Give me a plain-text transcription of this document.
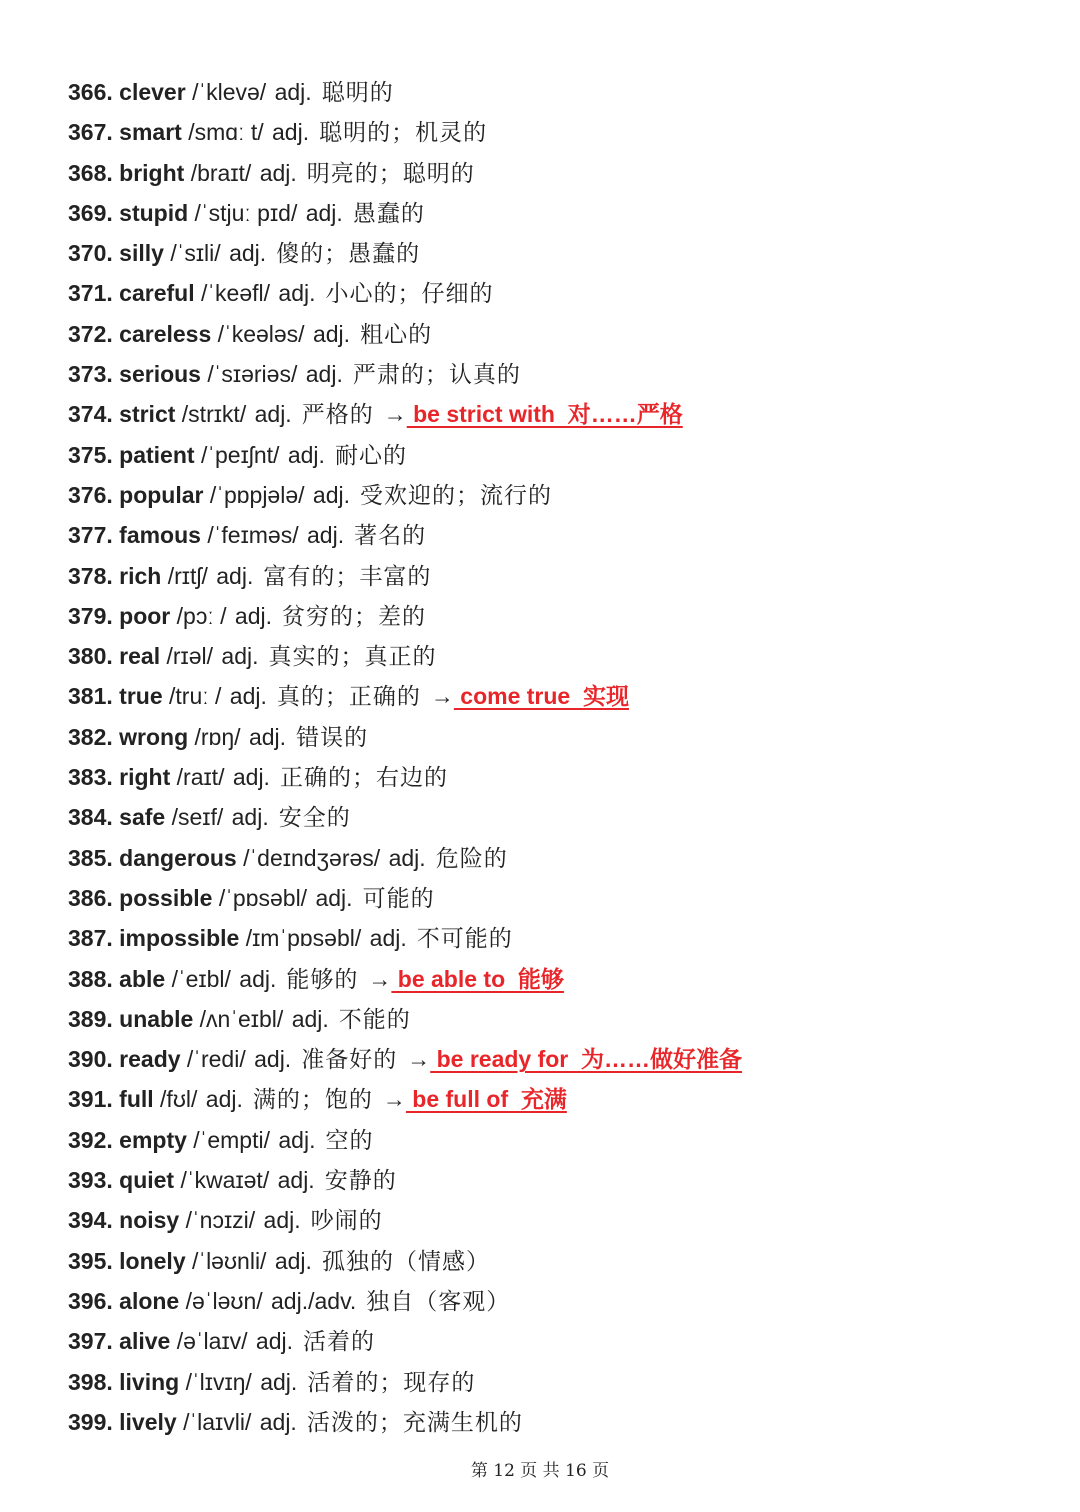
366. clever /ˈklevə/ adj. 聪明的
367. smart /smɑː t/ adj. 聪明的；机灵的
368. bright /braɪt/ adj. 明亮的；聪明的
369. stupid /ˈstjuː pɪd/ adj. 愚蠢的
370. silly /ˈsɪli/ adj. 傻的；愚蠢的
371. careful /ˈkeəfl/ adj. 小心的；仔细的
372. careless /ˈkeələs/ adj. 粗心的
373. serious /ˈsɪəriəs/ adj. 严肃的；认真的
374. strict /strɪkt/ adj. 严格的 → be strict with  对……严格
375. patient /ˈpeɪʃnt/ adj. 耐心的
376. popular /ˈpɒpjələ/ adj. 受欢迎的；流行的
377. famous /ˈfeɪməs/ adj. 著名的
378. rich /rɪtʃ/ adj. 富有的；丰富的
379. poor /pɔː / adj. 贫穷的；差的
380. real /rɪəl/ adj. 真实的；真正的
381. true /truː / adj. 真的；正确的 → come true  实现
382. wrong /rɒŋ/ adj. 错误的
383. right /raɪt/ adj. 正确的；右边的
384. safe /seɪf/ adj. 安全的
385. dangerous /ˈdeɪndʒərəs/ adj. 危险的
386. possible /ˈpɒsəbl/ adj. 可能的
387. impossible /ɪmˈpɒsəbl/ adj. 不可能的
388. able /ˈeɪbl/ adj. 能够的 → be able to  能够
389. unable /ʌnˈeɪbl/ adj. 不能的
390. ready /ˈredi/ adj. 准备好的 → be ready for  为……做好准备
391. full /fʊl/ adj. 满的；饱的 → be full of  充满
392. empty /ˈempti/ adj. 空的
393. quiet /ˈkwaɪət/ adj. 安静的
394. noisy /ˈnɔɪzi/ adj. 吵闹的
395. lonely /ˈləʊnli/ adj. 孤独的（情感）
396. alone /əˈləʊn/ adj./adv. 独自（客观）
397. alive /əˈlaɪv/ adj. 活着的
398. living /ˈlɪvɪŋ/ adj. 活着的；现存的
399. lively /ˈlaɪvli/ adj. 活泼的；充满生机的
第 12 页 共 16 页
